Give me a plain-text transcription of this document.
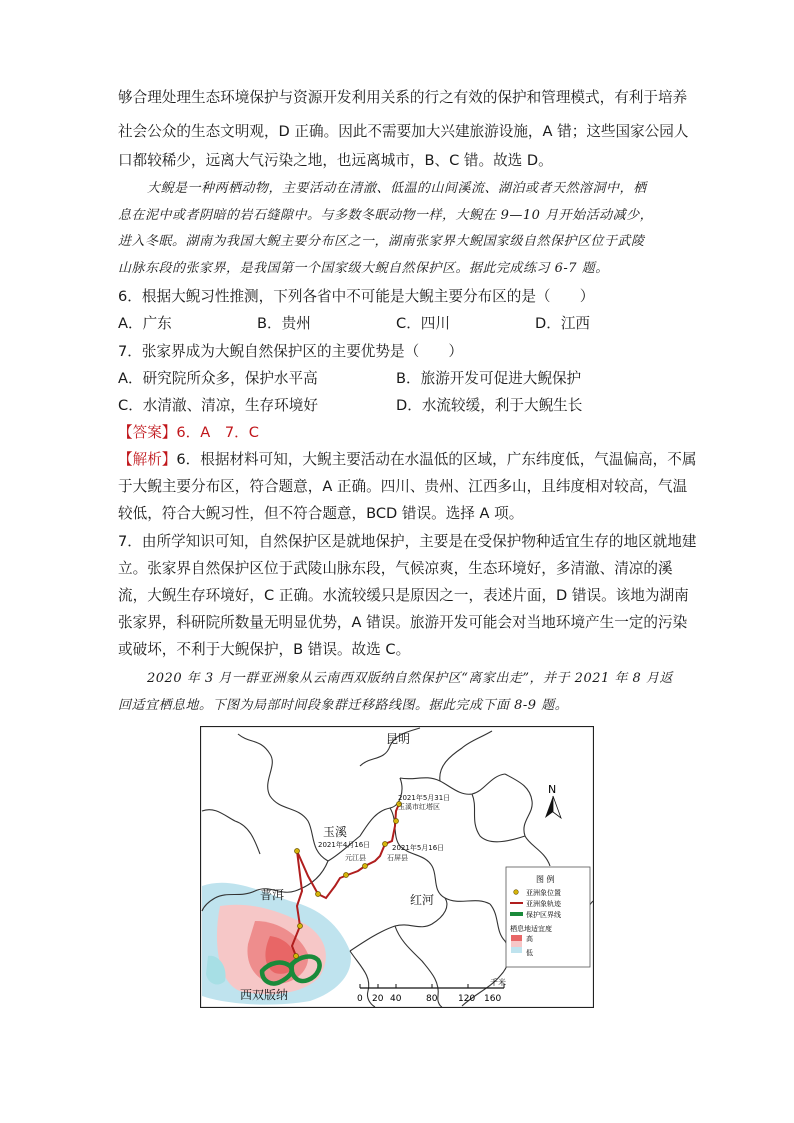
够合理处理生态环境保护与资源开发利用关系的行之有效的保护和管理模式，有利于培养
社会公众的生态文明观，D 正确。因此不需要加大兴建旅游设施，A 错；这些国家公园人
口都较稀少，远离大气污染之地，也远离城市，B、C 错。故选 D。
大鲵是一种两栖动物，主要活动在清澈、低温的山间溪流、湖泊或者天然溶洞中，栖
息在泥中或者阴暗的岩石缝隙中。与多数冬眠动物一样，大鲵在 9—10 月开始活动减少，
进入冬眠。湖南为我国大鲵主要分布区之一，湖南张家界大鲵国家级自然保护区位于武陵
山脉东段的张家界，是我国第一个国家级大鲵自然保护区。据此完成练习 6-7 题。
6．根据大鲵习性推测，下列各省中不可能是大鲵主要分布区的是（　　）
A．广东	B．贵州	C．四川	D．江西
7．张家界成为大鲵自然保护区的主要优势是（　　）
A．研究院所众多，保护水平高	B．旅游开发可促进大鲵保护
C．水清澈、清凉，生存环境好	D．水流较缓，利于大鲵生长
【答案】6．A　7．C
【解析】6．根据材料可知，大鲵主要活动在水温低的区域，广东纬度低，气温偏高，不属
于大鲵主要分布区，符合题意，A 正确。四川、贵州、江西多山，且纬度相对较高，气温
较低，符合大鲵习性，但不符合题意，BCD 错误。选择 A 项。
7．由所学知识可知，自然保护区是就地保护，主要是在受保护物种适宜生存的地区就地建
立。张家界自然保护区位于武陵山脉东段，气候凉爽，生态环境好，多清澈、清凉的溪
流，大鲵生存环境好，C 正确。水流较缓只是原因之一，表述片面，D 错误。该地为湖南
张家界，科研院所数量无明显优势，A 错误。旅游开发可能会对当地环境产生一定的污染
或破坏，不利于大鲵保护，B 错误。故选 C。
2020 年 3 月一群亚洲象从云南西双版纳自然保护区“离家出走”，并于 2021 年 8 月返
回适宜栖息地。下图为局部时间段象群迁移路线图。据此完成下面 8-9 题。
昆明
玉溪
普洱	红河
西双版纳
玉溪市红塔区
元江县	石屏县
2021年5月31日
2021年4月16日	2021年5月16日
N
图 例
亚洲象位置
亚洲象轨迹
保护区界线
栖息地适宜度
高
低
0 20 40	80 120 160
千米
